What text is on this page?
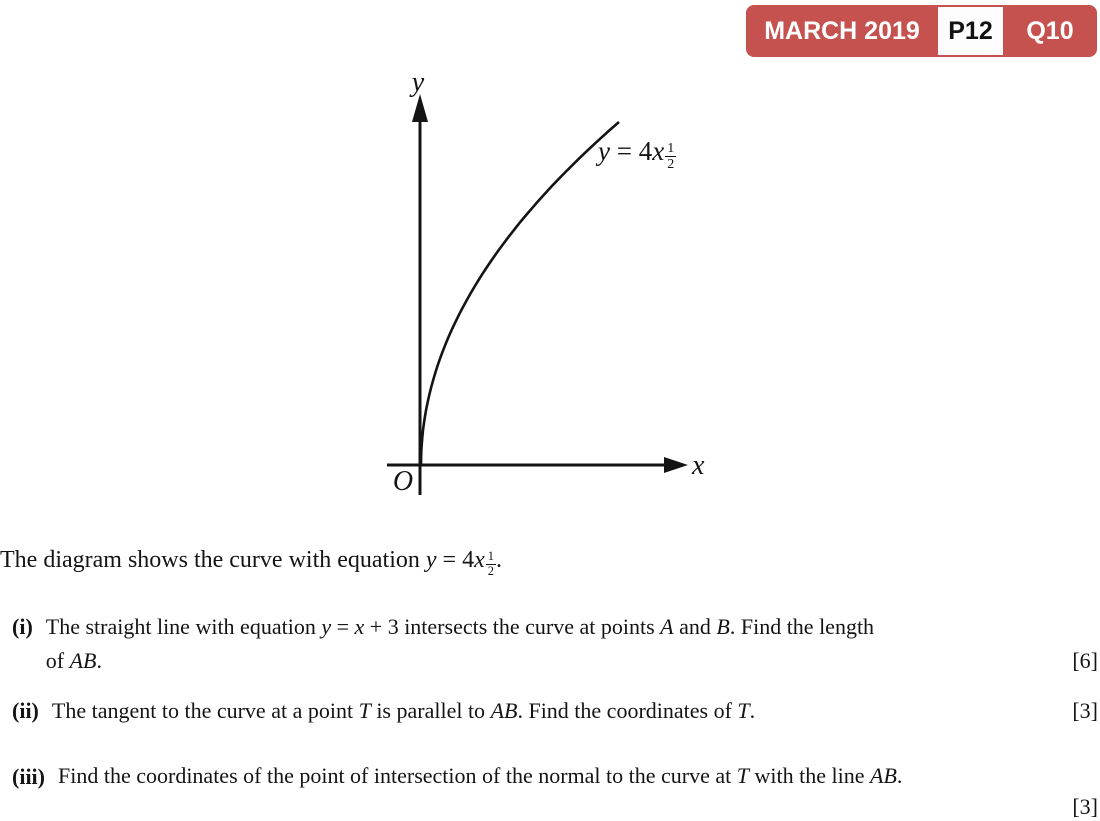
MARCH 2019	P12	Q10
y
x
O
$y = 4x \frac{1}{2}$

The diagram shows the curve with equation $y = 4x \frac{1}{2}$ .

(i) The straight line with equation y = x + 3 intersects the curve at points A and B. Find the length
of AB.	[6]
(ii) The tangent to the curve at a point T is parallel to AB. Find the coordinates of T.	[3]
(iii) Find the coordinates of the point of intersection of the normal to the curve at T with the line AB.
[3]
